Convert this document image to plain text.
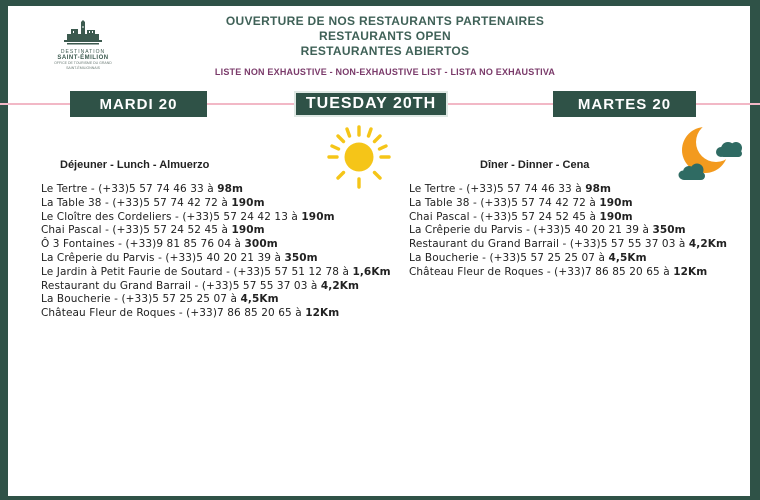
DESTINATION
SAINT-ÉMILION
OFFICE DE TOURISME DU GRAND SAINT-ÉMILIONNAIS
OUVERTURE DE NOS RESTAURANTS PARTENAIRES
RESTAURANTS OPEN
RESTAURANTES ABIERTOS
LISTE NON EXHAUSTIVE - NON-EXHAUSTIVE LIST - LISTA NO EXHAUSTIVA
MARDI 20	TUESDAY 20TH	MARTES 20
Déjeuner - Lunch - Almuerzo
Le Tertre - (+33)5 57 74 46 33 à 98m
La Table 38 - (+33)5 57 74 42 72 à 190m
Le Cloître des Cordeliers - (+33)5 57 24 42 13 à 190m
Chai Pascal - (+33)5 57 24 52 45 à 190m
Ô 3 Fontaines - (+33)9 81 85 76 04 à 300m
La Crêperie du Parvis - (+33)5 40 20 21 39 à 350m
Le Jardin à Petit Faurie de Soutard - (+33)5 57 51 12 78 à 1,6Km
Restaurant du Grand Barrail - (+33)5 57 55 37 03 à 4,2Km
La Boucherie - (+33)5 57 25 25 07 à 4,5Km
Château Fleur de Roques - (+33)7 86 85 20 65 à 12Km
Dîner - Dinner - Cena
Le Tertre - (+33)5 57 74 46 33 à 98m
La Table 38 - (+33)5 57 74 42 72 à 190m
Chai Pascal - (+33)5 57 24 52 45 à 190m
La Crêperie du Parvis - (+33)5 40 20 21 39 à 350m
Restaurant du Grand Barrail - (+33)5 57 55 37 03 à 4,2Km
La Boucherie - (+33)5 57 25 25 07 à 4,5Km
Château Fleur de Roques - (+33)7 86 85 20 65 à 12Km
